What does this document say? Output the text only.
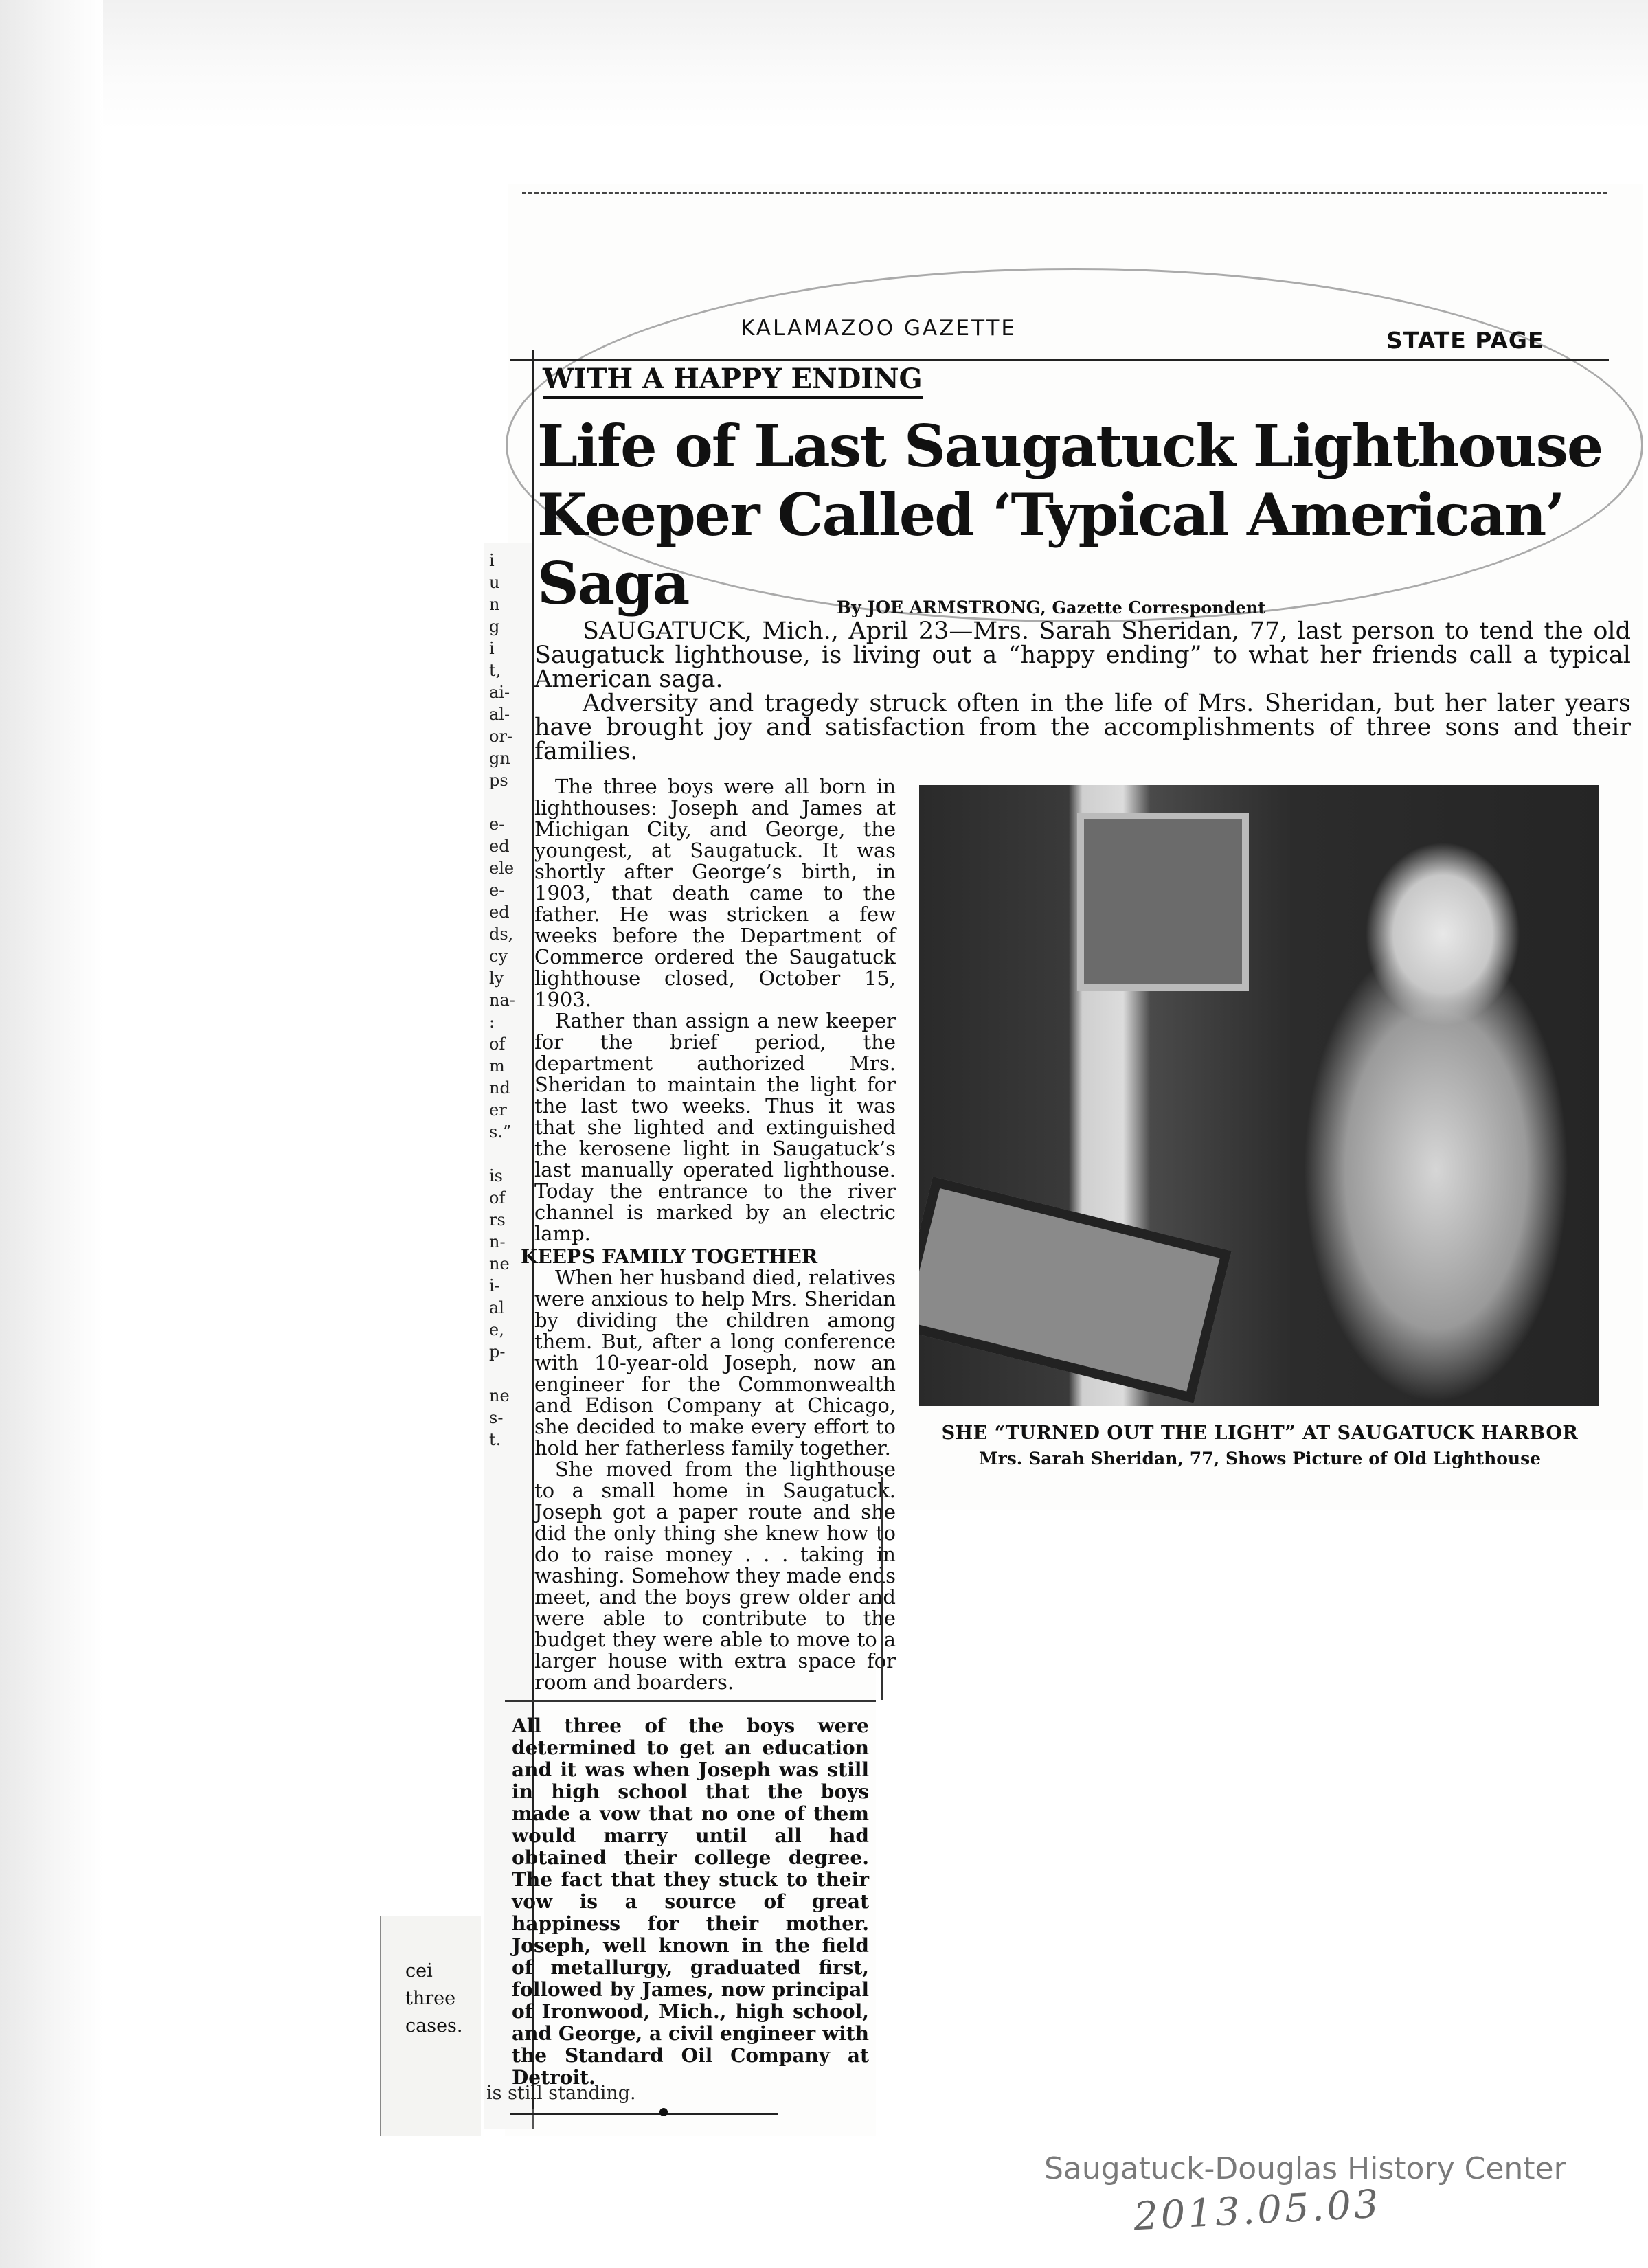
i
u
n
g
i
t,
ai-
al-
or-
gn
ps

e-
ed
ele
e-
ed
ds,
cy
ly
na-
:
of
m
nd
er
s.”

is
of
rs
n-
ne
i-
al
e,
p-

ne
s-
t.
KALAMAZOO GAZETTE	STATE PAGE
WITH A HAPPY ENDING
Life of Last Saugatuck Lighthouse
Keeper Called ‘Typical American’ Saga	By JOE ARMSTRONG, Gazette Correspondent
SAUGATUCK, Mich., April 23—Mrs. Sarah Sheridan, 77, last person to tend the old Saugatuck lighthouse, is living out a “happy ending” to what her friends call a typical American saga.
Adversity and tragedy struck often in the life of Mrs. Sheridan, but her later years have brought joy and satisfaction from the accomplishments of three sons and their families.

The three boys were all born in lighthouses: Joseph and James at Michigan City, and George, the youngest, at Saugatuck. It was shortly after George’s birth, in 1903, that death came to the father. He was stricken a few weeks before the Department of Commerce ordered the Saugatuck lighthouse closed, October 15, 1903.

Rather than assign a new keeper for the brief period, the department authorized Mrs. Sheridan to maintain the light for the last two weeks. Thus it was that she lighted and extinguished the kerosene light in Saugatuck’s last manually operated lighthouse. Today the entrance to the river channel is marked by an electric lamp.

KEEPS FAMILY TOGETHER

When her husband died, relatives were anxious to help Mrs. Sheridan by dividing the children among them. But, after a long conference with 10-year-old Joseph, now an engineer for the Commonwealth and Edison Company at Chicago, she decided to make every effort to hold her fatherless family together.

She moved from the lighthouse to a small home in Saugatuck. Joseph got a paper route and she did the only thing she knew how to do to raise money . . . taking in washing. Somehow they made ends meet, and the boys grew older and were able to contribute to the budget they were able to move to a larger house with extra space for room and boarders.

All three of the boys were determined to get an education and it was when Joseph was still in high school that the boys made a vow that no one of them would marry until all had obtained their college degree. The fact that they stuck to their vow is a source of great happiness for their mother. Joseph, well known in the field of metallurgy, graduated first, followed by James, now principal of Ironwood, Mich., high school, and George, a civil engineer with the Standard Oil Company at Detroit.

cei
three
cases.
is still standing.
SHE “TURNED OUT THE LIGHT” AT SAUGATUCK HARBOR
Mrs. Sarah Sheridan, 77, Shows Picture of Old Lighthouse
Saugatuck-Douglas History Center
2013.05.03
